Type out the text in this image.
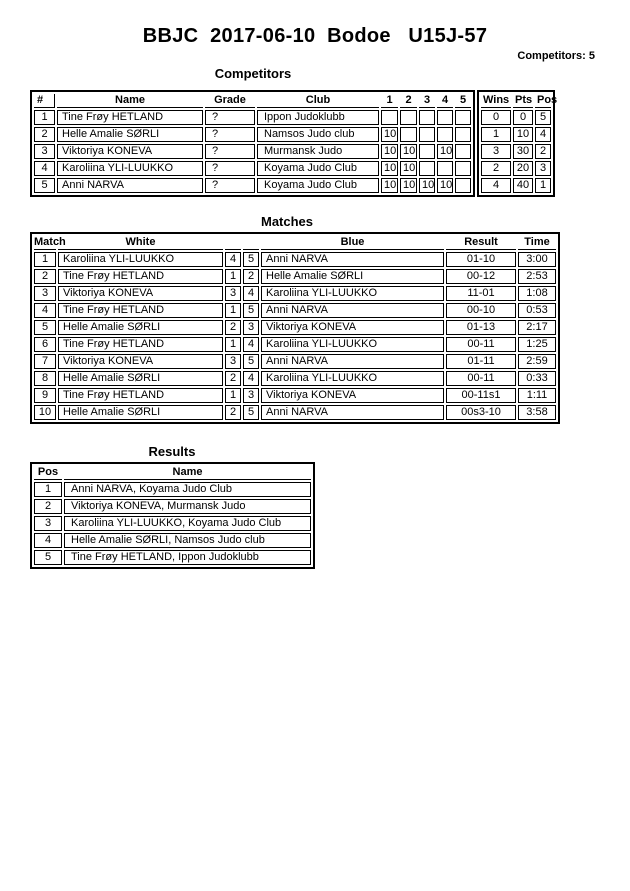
BBJC  2017-06-10  Bodoe   U15J-57
Competitors: 5
Competitors
#	Name	Grade	Club	1	2	3	4	5
1	Tine Frøy HETLAND	?	Ippon Judoklubb					
2	Helle Amalie SØRLI	?	Namsos Judo club	10				
3	Viktoriya KONEVA	?	Murmansk Judo	10	10		10	
4	Karoliina YLI-LUUKKO	?	Koyama Judo Club	10	10			
5	Anni NARVA	?	Koyama Judo Club	10	10	10	10	
Wins	Pts	Pos
0	0	5
1	10	4
3	30	2
2	20	3
4	40	1
Matches
Match	White			Blue	Result	Time
1	Karoliina YLI-LUUKKO	4	5	Anni NARVA	01-10	3:00
2	Tine Frøy HETLAND	1	2	Helle Amalie SØRLI	00-12	2:53
3	Viktoriya KONEVA	3	4	Karoliina YLI-LUUKKO	11-01	1:08
4	Tine Frøy HETLAND	1	5	Anni NARVA	00-10	0:53
5	Helle Amalie SØRLI	2	3	Viktoriya KONEVA	01-13	2:17
6	Tine Frøy HETLAND	1	4	Karoliina YLI-LUUKKO	00-11	1:25
7	Viktoriya KONEVA	3	5	Anni NARVA	01-11	2:59
8	Helle Amalie SØRLI	2	4	Karoliina YLI-LUUKKO	00-11	0:33
9	Tine Frøy HETLAND	1	3	Viktoriya KONEVA	00-11s1	1:11
10	Helle Amalie SØRLI	2	5	Anni NARVA	00s3-10	3:58
Results
Pos	Name
1	Anni NARVA, Koyama Judo Club
2	Viktoriya KONEVA, Murmansk Judo
3	Karoliina YLI-LUUKKO, Koyama Judo Club
4	Helle Amalie SØRLI, Namsos Judo club
5	Tine Frøy HETLAND, Ippon Judoklubb
